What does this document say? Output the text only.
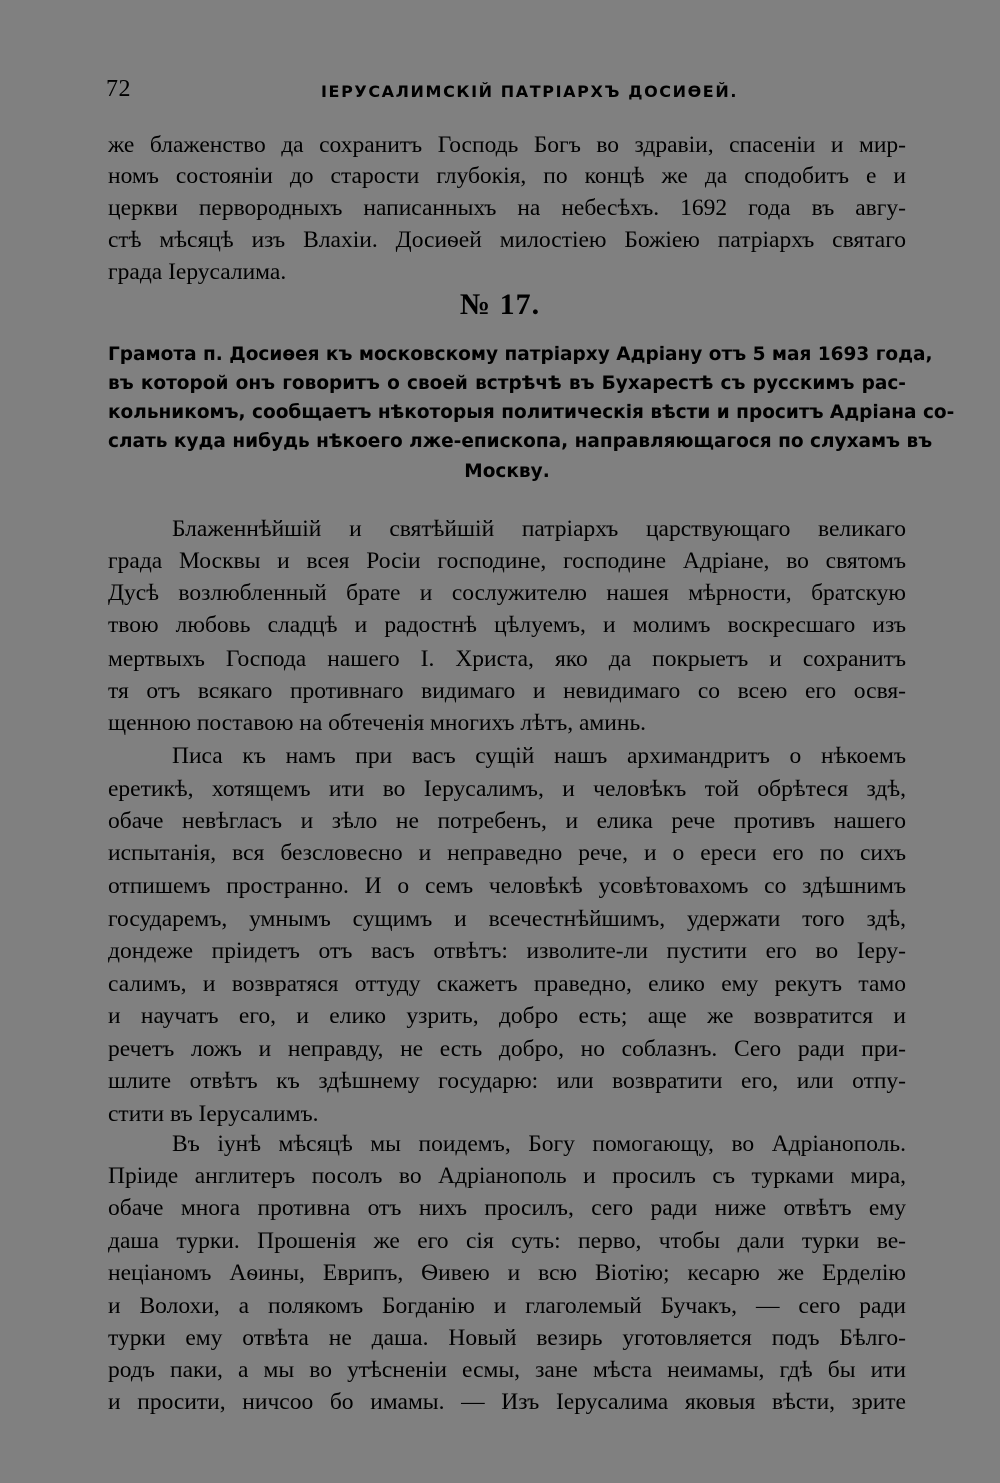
72	ІЕРУСАЛИМСКІЙ ПАТРІАРХЪ ДОСИѲЕЙ.
же блаженство да сохранитъ Господь Богъ во здравіи, спасеніи и мир-
номъ состояніи до старости глубокія, по концѣ же да сподобитъ е и
церкви первородныхъ написанныхъ на небесѣхъ. 1692 года въ авгу-
стѣ мѣсяцѣ изъ Влахіи. Досиѳей милостіею Божіею патріархъ святаго
града Іерусалима.
№ 17.
Грамота п. Досиѳея къ московскому патріарху Адріану отъ 5 мая 1693 года,
въ которой онъ говоритъ о своей встрѣчѣ въ Бухарестѣ съ русскимъ рас-
кольникомъ, сообщаетъ нѣкоторыя политическія вѣсти и проситъ Адріана со-
слать куда нибудь нѣкоего лже-епископа, направляющагося по слухамъ въ
Москву.
Блаженнѣйшій и святѣйшій патріархъ царствующаго великаго
града Москвы и всея Росіи господине, господине Адріане, во святомъ
Дусѣ возлюбленный брате и сослужителю нашея мѣрности, братскую
твою любовь сладцѣ и радостнѣ цѣлуемъ, и молимъ воскресшаго изъ
мертвыхъ Господа нашего І. Христа, яко да покрыетъ и сохранитъ
тя отъ всякаго противнаго видимаго и невидимаго со всею его освя-
щенною поставою на обтеченія многихъ лѣтъ, аминь.
Писа къ намъ при васъ сущій нашъ архимандритъ о нѣкоемъ
еретикѣ, хотящемъ ити во Іерусалимъ, и человѣкъ той обрѣтеся здѣ,
обаче невѣгласъ и зѣло не потребенъ, и елика рече противъ нашего
испытанія, вся безсловесно и неправедно рече, и о ереси его по сихъ
отпишемъ пространно. И о семъ человѣкѣ усовѣтовахомъ со здѣшнимъ
государемъ, умнымъ сущимъ и всечестнѣйшимъ, удержати того здѣ,
дондеже пріидетъ отъ васъ отвѣтъ: изволите-ли пустити его во Іеру-
салимъ, и возвратяся оттуду скажетъ праведно, елико ему рекутъ тамо
и научатъ его, и елико узрить, добро есть; аще же возвратится и
речетъ ложъ и неправду, не есть добро, но соблазнъ. Сего ради при-
шлите отвѣтъ къ здѣшнему государю: или возвратити его, или отпу-
стити въ Іерусалимъ.
Въ іунѣ мѣсяцѣ мы поидемъ, Богу помогающу, во Адріанополь.
Пріиде англитеръ посолъ во Адріанополь и просилъ съ турками мира,
обаче многа противна отъ нихъ просилъ, сего ради ниже отвѣтъ ему
даша турки. Прошенія же его сія суть: перво, чтобы дали турки ве-
неціаномъ Аѳины, Еврипъ, Ѳивею и всю Віотію; кесарю же Ерделію
и Волохи, а полякомъ Богданію и глаголемый Бучакъ, — сего ради
турки ему отвѣта не даша. Новый везирь уготовляется подъ Бѣлго-
родъ паки, а мы во утѣсненіи есмы, зане мѣста неимамы, гдѣ бы ити
и просити, ничсоо бо имамы. — Изъ Іерусалима яковыя вѣсти, зрите
